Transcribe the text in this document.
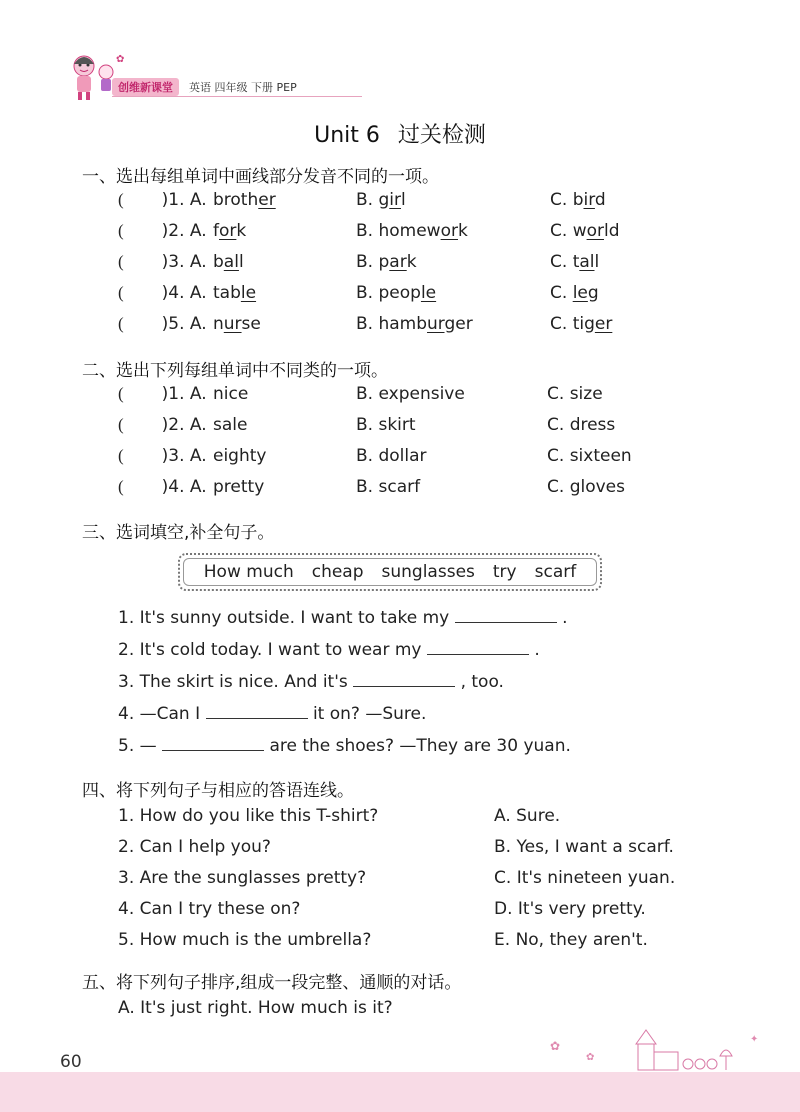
✿
创维新课堂	英语 四年级 下册 PEP
Unit 6 过关检测
一、选出每组单词中画线部分发音不同的一项。
( )1. A. brother	B. girl	C. bird
( )2. A. fork	B. homework	C. world
( )3. A. ball	B. park	C. tall
( )4. A. table	B. people	C. leg
( )5. A. nurse	B. hamburger	C. tiger
二、选出下列每组单词中不同类的一项。
( )1. A. nice	B. expensive	C. size
( )2. A. sale	B. skirt	C. dress
( )3. A. eighty	B. dollar	C. sixteen
( )4. A. pretty	B. scarf	C. gloves
三、选词填空,补全句子。
How much cheap sunglasses try scarf
1. It's sunny outside. I want to take my	.
2. It's cold today. I want to wear my	.
3. The skirt is nice. And it's	, too.
4. —Can I	it on? —Sure.
5. —	are the shoes? —They are 30 yuan.
四、将下列句子与相应的答语连线。
1. How do you like this T-shirt?	A. Sure.
2. Can I help you?	B. Yes, I want a scarf.
3. Are the sunglasses pretty?	C. It's nineteen yuan.
4. Can I try these on?	D. It's very pretty.
5. How much is the umbrella?	E. No, they aren't.
五、将下列句子排序,组成一段完整、通顺的对话。
A. It's just right. How much is it?
✿
✿
✦
60
